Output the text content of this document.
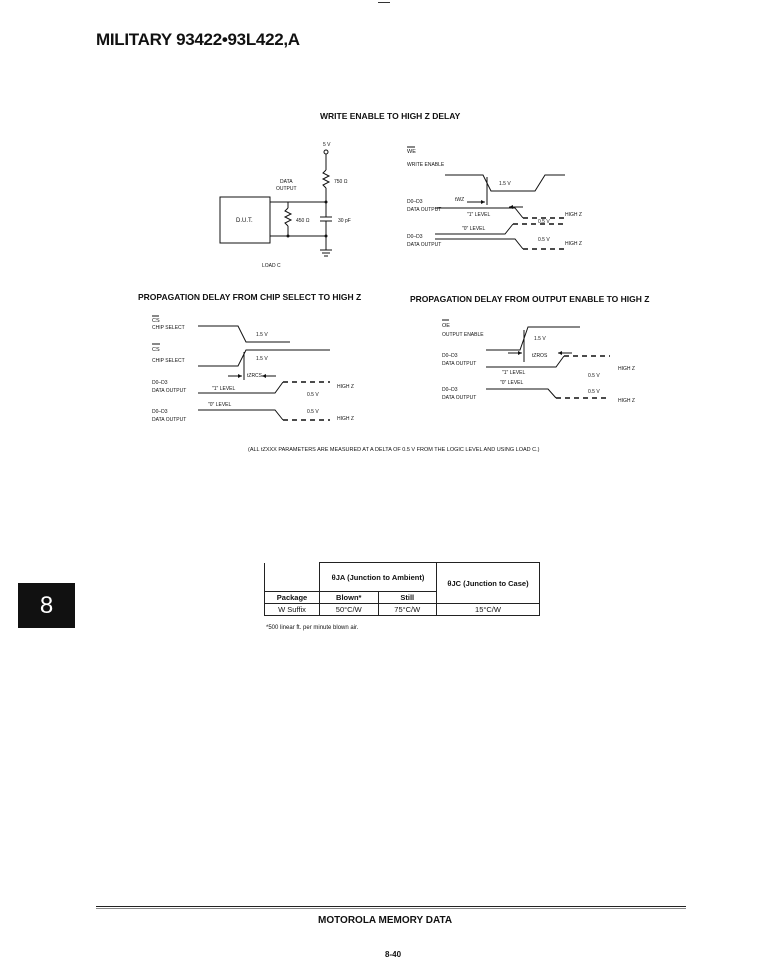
MILITARY 93422•93L422,A
WRITE ENABLE TO HIGH Z DELAY
5 V
DATA
OUTPUT
750 Ω
450 Ω	30 pF
D.U.T.
LOAD C
WE
WRITE ENABLE
1.5 V
tWZ
D0–D3
DATA OUTPUT
"1" LEVEL
"0" LEVEL
0.5 V
HIGH Z
D0–D3
DATA OUTPUT
0.5 V
HIGH Z
PROPAGATION DELAY FROM CHIP SELECT TO HIGH Z	PROPAGATION DELAY FROM OUTPUT ENABLE TO HIGH Z
CS
CHIP SELECT
1.5 V
CS
CHIP SELECT	1.5 V
tZRCS
D0–D3
DATA OUTPUT	"1" LEVEL
"0" LEVEL
0.5 V
HIGH Z
D0–D3
DATA OUTPUT
0.5 V
HIGH Z
OE
OUTPUT ENABLE
1.5 V
tZROS
D0–D3
DATA OUTPUT
"1" LEVEL
"0" LEVEL
0.5 V
HIGH Z
D0–D3
DATA OUTPUT
0.5 V
HIGH Z
(ALL tZXXX PARAMETERS ARE MEASURED AT A DELTA OF 0.5 V FROM THE LOGIC LEVEL AND USING LOAD C.)
8
	θJA (Junction to Ambient)		θJC (Junction to Case)
Package	Blown*	Still	
W Suffix	50°C/W	75°C/W	15°C/W
*500 linear ft. per minute blown air.
MOTOROLA MEMORY DATA
8-40
